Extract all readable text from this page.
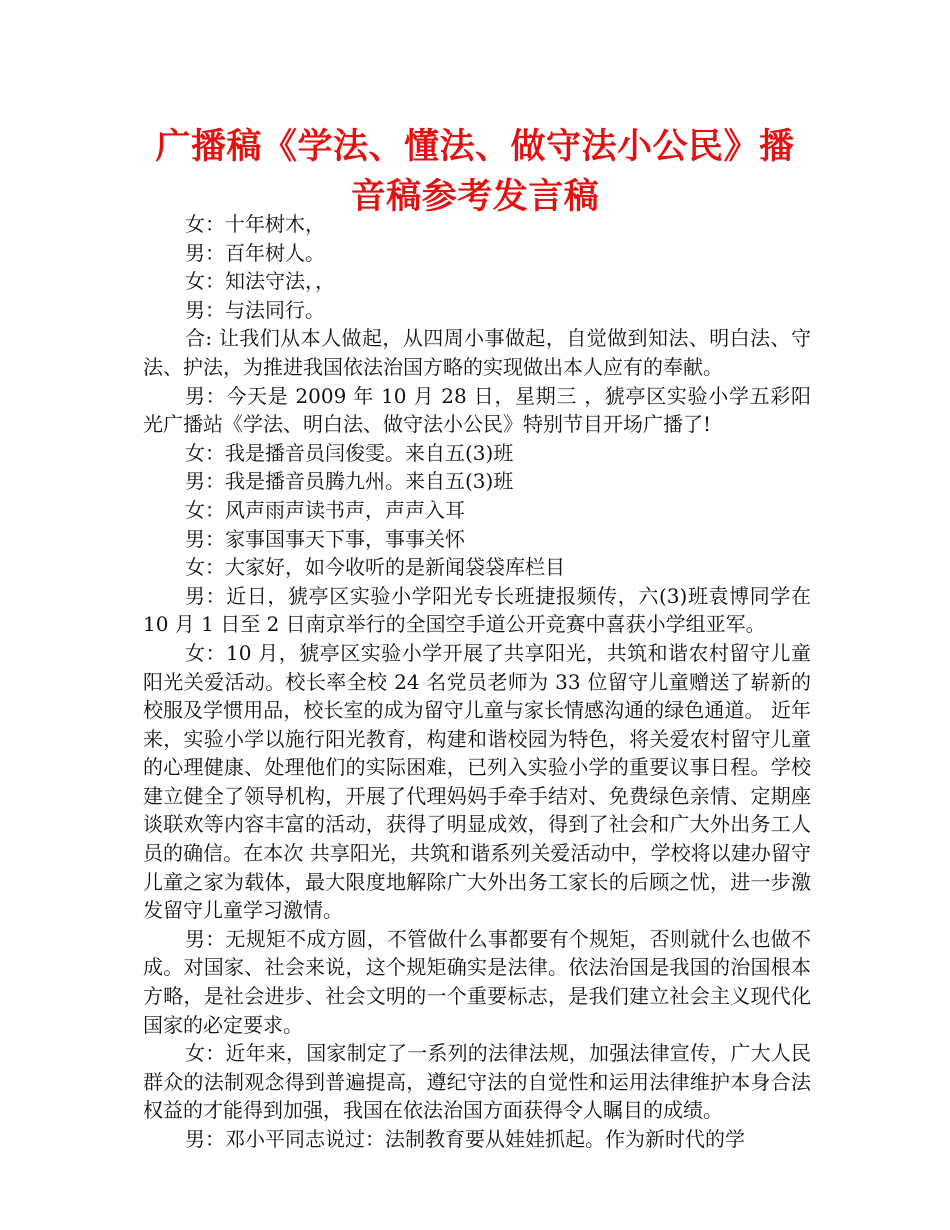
广播稿《学法、懂法、做守法小公民》播音稿参考发言稿

女：十年树木，

男：百年树人。

女：知法守法，，

男：与法同行。

合: 让我们从本人做起，从四周小事做起，自觉做到知法、明白法、守法、护法，为推进我国依法治国方略的实现做出本人应有的奉献。

男：今天是 2009 年 10 月 28 日，星期三 ，猇亭区实验小学五彩阳光广播站《学法、明白法、做守法小公民》特别节目开场广播了!

女：我是播音员闫俊雯。来自五(3)班

男：我是播音员腾九州。来自五(3)班

女：风声雨声读书声，声声入耳

男：家事国事天下事，事事关怀

女：大家好，如今收听的是新闻袋袋库栏目

男：近日，猇亭区实验小学阳光专长班捷报频传，六(3)班袁博同学在 10 月 1 日至 2 日南京举行的全国空手道公开竞赛中喜获小学组亚军。

女：10 月，猇亭区实验小学开展了共享阳光，共筑和谐农村留守儿童阳光关爱活动。校长率全校 24 名党员老师为 33 位留守儿童赠送了崭新的校服及学惯用品，校长室的成为留守儿童与家长情感沟通的绿色通道。 近年来，实验小学以施行阳光教育，构建和谐校园为特色，将关爱农村留守儿童的心理健康、处理他们的实际困难，已列入实验小学的重要议事日程。学校建立健全了领导机构，开展了代理妈妈手牵手结对、免费绿色亲情、定期座谈联欢等内容丰富的活动，获得了明显成效，得到了社会和广大外出务工人员的确信。在本次 共享阳光，共筑和谐系列关爱活动中，学校将以建办留守儿童之家为载体，最大限度地解除广大外出务工家长的后顾之忧，进一步激发留守儿童学习激情。

男：无规矩不成方圆，不管做什么事都要有个规矩，否则就什么也做不成。对国家、社会来说，这个规矩确实是法律。依法治国是我国的治国根本方略，是社会进步、社会文明的一个重要标志，是我们建立社会主义现代化国家的必定要求。

女：近年来，国家制定了一系列的法律法规，加强法律宣传，广大人民群众的法制观念得到普遍提高，遵纪守法的自觉性和运用法律维护本身合法权益的才能得到加强，我国在依法治国方面获得令人瞩目的成绩。

男：邓小平同志说过：法制教育要从娃娃抓起。作为新时代的学
